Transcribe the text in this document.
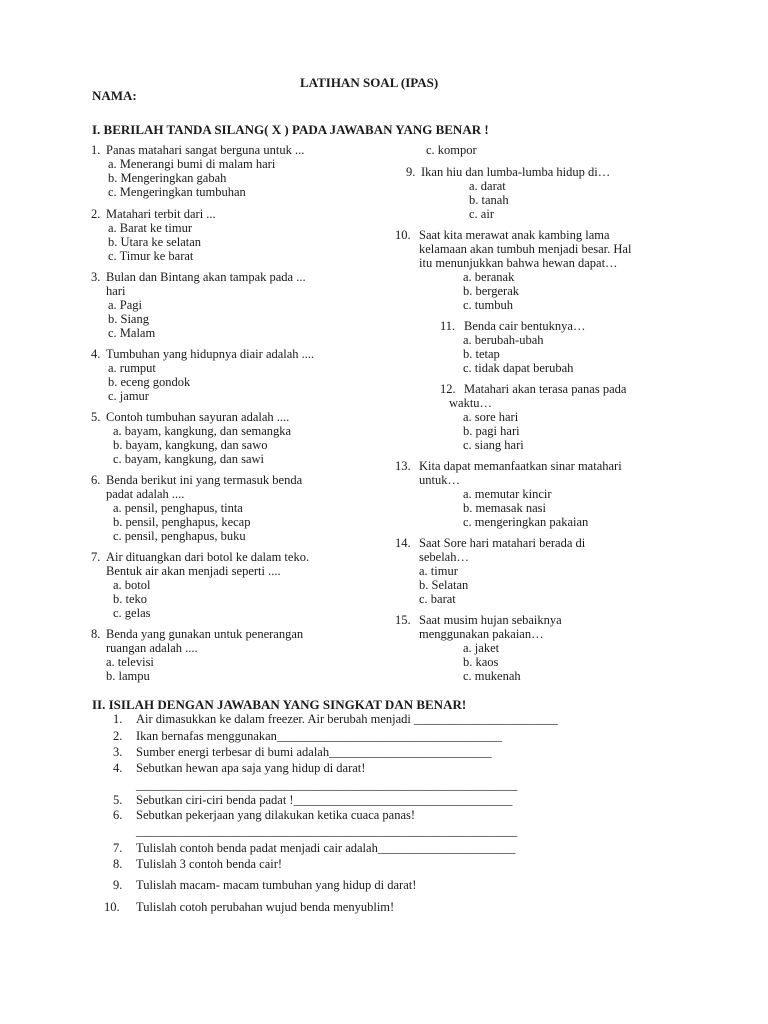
LATIHAN SOAL (IPAS)
NAMA:
I. BERILAH TANDA SILANG( X ) PADA JAWABAN YANG BENAR !
1. Panas matahari sangat berguna untuk ...
a. Menerangi bumi di malam hari
b. Mengeringkan gabah
c. Mengeringkan tumbuhan
2. Matahari terbit dari ...
a. Barat ke timur
b. Utara ke selatan
c. Timur ke barat
3. Bulan dan Bintang akan tampak pada ...
hari
a. Pagi
b. Siang
c. Malam
4. Tumbuhan yang hidupnya diair adalah ....
a. rumput
b. eceng gondok
c. jamur
5. Contoh tumbuhan sayuran adalah ....
a. bayam, kangkung, dan semangka
b. bayam, kangkung, dan sawo
c. bayam, kangkung, dan sawi
6. Benda berikut ini yang termasuk benda
padat adalah ....
a. pensil, penghapus, tinta
b. pensil, penghapus, kecap
c. pensil, penghapus, buku
7. Air dituangkan dari botol ke dalam teko.
Bentuk air akan menjadi seperti ....
a. botol
b. teko
c. gelas
8. Benda yang gunakan untuk penerangan
ruangan adalah ....
a. televisi
b. lampu
c. kompor
9. Ikan hiu dan lumba-lumba hidup di…
a. darat
b. tanah
c. air
10. Saat kita merawat anak kambing lama
kelamaan akan tumbuh menjadi besar. Hal
itu menunjukkan bahwa hewan dapat…
a. beranak
b. bergerak
c. tumbuh
11. Benda cair bentuknya…
a. berubah-ubah
b. tetap
c. tidak dapat berubah
12. Matahari akan terasa panas pada
waktu…
a. sore hari
b. pagi hari
c. siang hari
13. Kita dapat memanfaatkan sinar matahari
untuk…
a. memutar kincir
b. memasak nasi
c. mengeringkan pakaian
14. Saat Sore hari matahari berada di
sebelah…
a. timur
b. Selatan
c. barat
15. Saat musim hujan sebaiknya
menggunakan pakaian…
a. jaket
b. kaos
c. mukenah
II. ISILAH DENGAN JAWABAN YANG SINGKAT DAN BENAR!
1. Air dimasukkan ke dalam freezer. Air berubah menjadi _______________________
2. Ikan bernafas menggunakan____________________________________
3. Sumber energi terbesar di bumi adalah__________________________
4. Sebutkan hewan apa saja yang hidup di darat!
_____________________________________________________________
5. Sebutkan ciri-ciri benda padat !___________________________________
6. Sebutkan pekerjaan yang dilakukan ketika cuaca panas!
_____________________________________________________________
7. Tulislah contoh benda padat menjadi cair adalah______________________
8. Tulislah 3 contoh benda cair!
9. Tulislah macam- macam tumbuhan yang hidup di darat!
10. Tulislah cotoh perubahan wujud benda menyublim!
